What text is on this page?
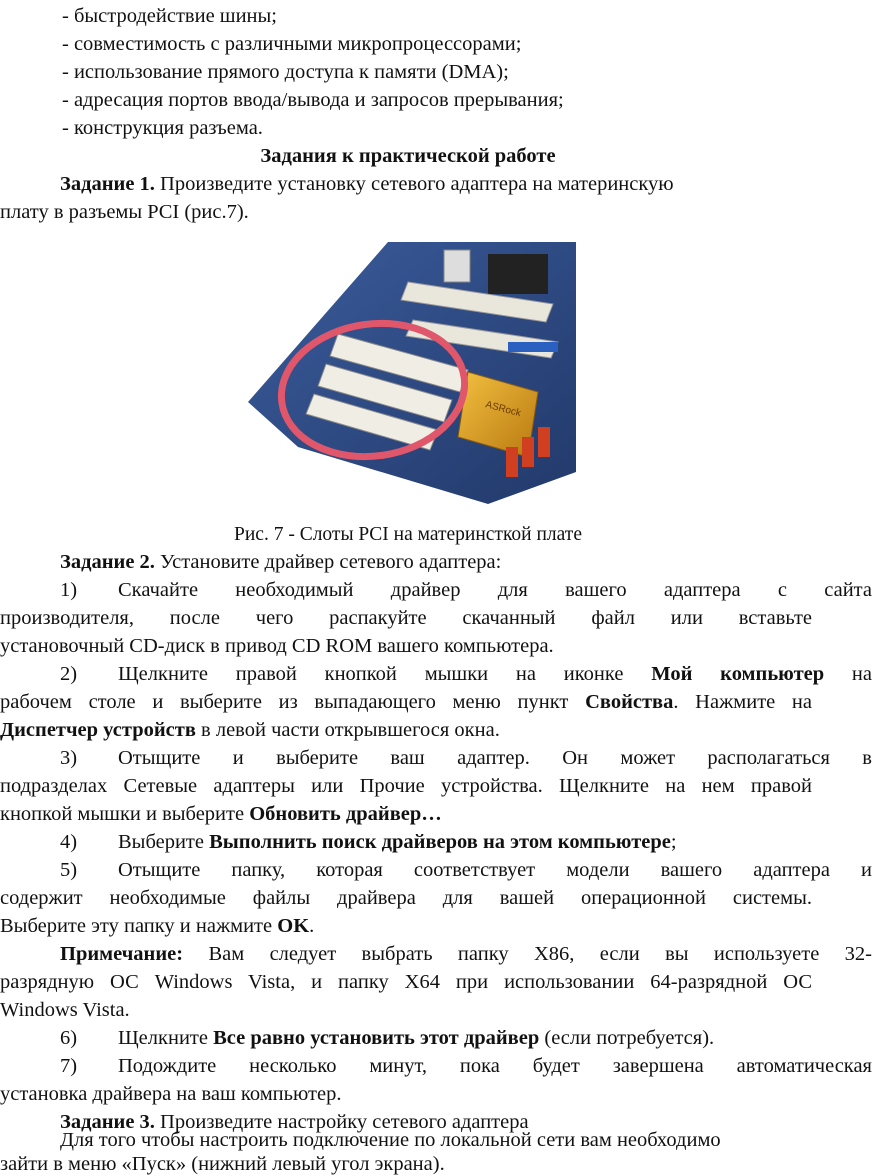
- быстродействие шины;
- совместимость с различными микропроцессорами;
- использование прямого доступа к памяти (DMA);
- адресация портов ввода/вывода и запросов прерывания;
- конструкция разъема.
Задания к практической работе
Задание 1. Произведите установку сетевого адаптера на материнскую
плату в разъемы PCI (рис.7).
ASRock
Рис. 7 - Слоты PCI на материнсткой плате
Задание 2. Установите драйвер сетевого адаптера:
1) Скачайте необходимый драйвер для вашего адаптера с сайта
производителя, после чего распакуйте скачанный файл или вставьте
установочный CD-диск в привод CD ROM вашего компьютера.
2) Щелкните правой кнопкой мышки на иконке Мой компьютер на
рабочем столе и выберите из выпадающего меню пункт Свойства. Нажмите на
Диспетчер устройств в левой части открывшегося окна.
3) Отыщите и выберите ваш адаптер. Он может располагаться в
подразделах Сетевые адаптеры или Прочие устройства. Щелкните на нем правой
кнопкой мышки и выберите Обновить драйвер…
4) Выберите Выполнить поиск драйверов на этом компьютере;
5) Отыщите папку, которая соответствует модели вашего адаптера и
содержит необходимые файлы драйвера для вашей операционной системы.
Выберите эту папку и нажмите OK.
Примечание: Вам следует выбрать папку X86, если вы используете 32-
разрядную ОС Windows Vista, и папку X64 при использовании 64-разрядной ОС
Windows Vista.
6) Щелкните Все равно установить этот драйвер (если потребуется).
7) Подождите несколько минут, пока будет завершена автоматическая
установка драйвера на ваш компьютер.
Задание 3. Произведите настройку сетевого адаптера
Для того чтобы настроить подключение по локальной сети вам необходимо
зайти в меню «Пуск» (нижний левый угол экрана).
